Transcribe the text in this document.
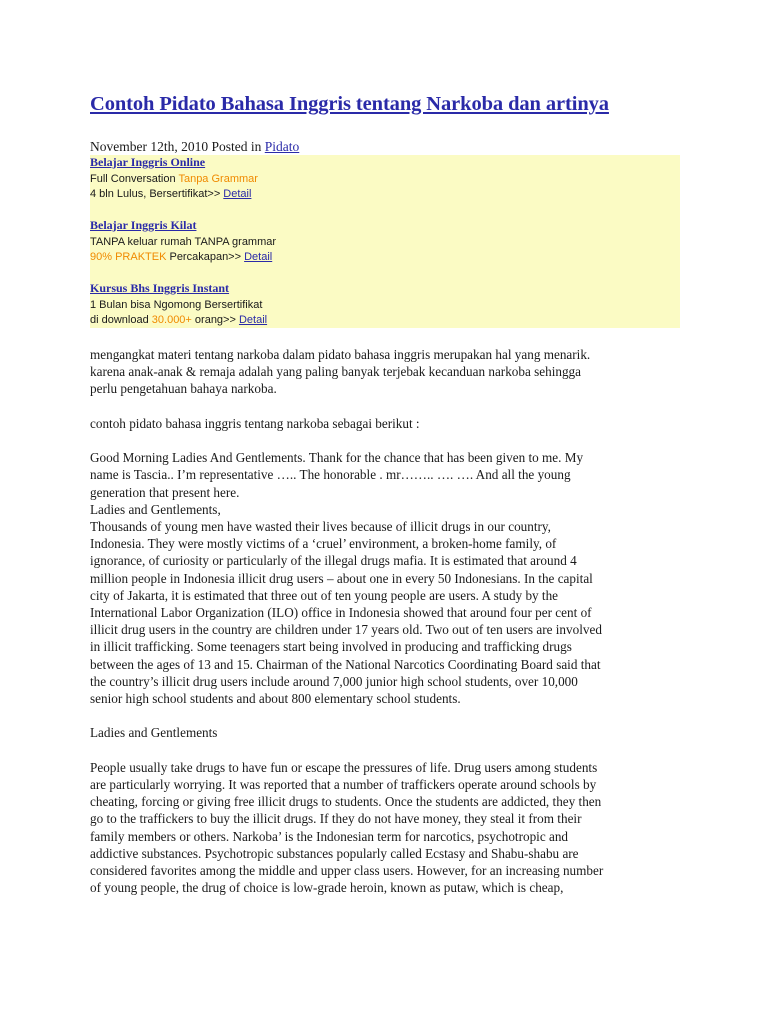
Contoh Pidato Bahasa Inggris tentang Narkoba dan artinya
November 12th, 2010 Posted in Pidato
Belajar Inggris Online
Full Conversation Tanpa Grammar
4 bln Lulus, Bersertifikat>> Detail
Belajar Inggris Kilat
TANPA keluar rumah TANPA grammar
90% PRAKTEK Percakapan>> Detail
Kursus Bhs Inggris Instant
1 Bulan bisa Ngomong Bersertifikat
di download 30.000+ orang>> Detail

mengangkat materi tentang narkoba dalam pidato bahasa inggris merupakan hal yang menarik.

karena anak-anak & remaja adalah yang paling banyak terjebak kecanduan narkoba sehingga

perlu pengetahuan bahaya narkoba.

contoh pidato bahasa inggris tentang narkoba sebagai berikut :

Good Morning Ladies And Gentlements. Thank for the chance that has been given to me. My

name is Tascia.. I’m representative ….. The honorable . mr…….. …. …. And all the young

generation that present here.

Ladies and Gentlements,

Thousands of young men have wasted their lives because of illicit drugs in our country,

Indonesia. They were mostly victims of a ‘cruel’ environment, a broken-home family, of

ignorance, of curiosity or particularly of the illegal drugs mafia. It is estimated that around 4

million people in Indonesia illicit drug users – about one in every 50 Indonesians. In the capital

city of Jakarta, it is estimated that three out of ten young people are users. A study by the

International Labor Organization (ILO) office in Indonesia showed that around four per cent of

illicit drug users in the country are children under 17 years old. Two out of ten users are involved

in illicit trafficking. Some teenagers start being involved in producing and trafficking drugs

between the ages of 13 and 15. Chairman of the National Narcotics Coordinating Board said that

the country’s illicit drug users include around 7,000 junior high school students, over 10,000

senior high school students and about 800 elementary school students.

Ladies and Gentlements

People usually take drugs to have fun or escape the pressures of life. Drug users among students

are particularly worrying. It was reported that a number of traffickers operate around schools by

cheating, forcing or giving free illicit drugs to students. Once the students are addicted, they then

go to the traffickers to buy the illicit drugs. If they do not have money, they steal it from their

family members or others. Narkoba’ is the Indonesian term for narcotics, psychotropic and

addictive substances. Psychotropic substances popularly called Ecstasy and Shabu-shabu are

considered favorites among the middle and upper class users. However, for an increasing number

of young people, the drug of choice is low-grade heroin, known as putaw, which is cheap,
